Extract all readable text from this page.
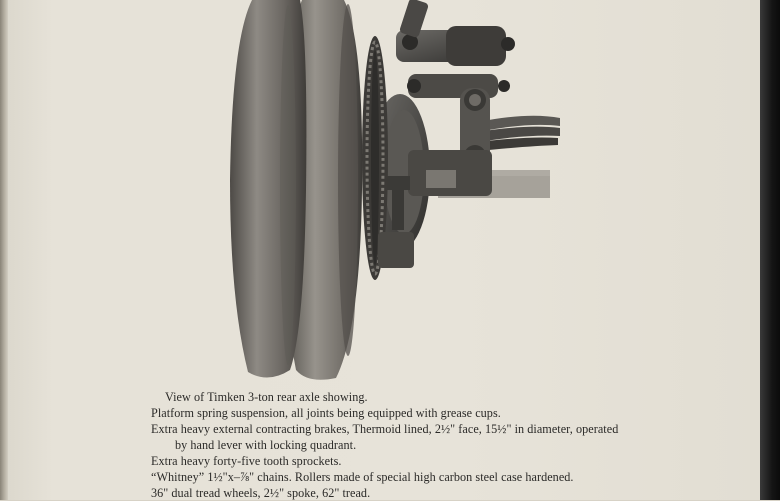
View of Timken 3-ton rear axle showing.
Platform spring suspension, all joints being equipped with grease cups.
Extra heavy external contracting brakes, Thermoid lined, 2½" face, 15½" in diameter, operated
by hand lever with locking quadrant.
Extra heavy forty-five tooth sprockets.
“Whitney” 1½"x–⅞" chains. Rollers made of special high carbon steel case hardened.
36" dual tread wheels, 2½" spoke, 62" tread.
